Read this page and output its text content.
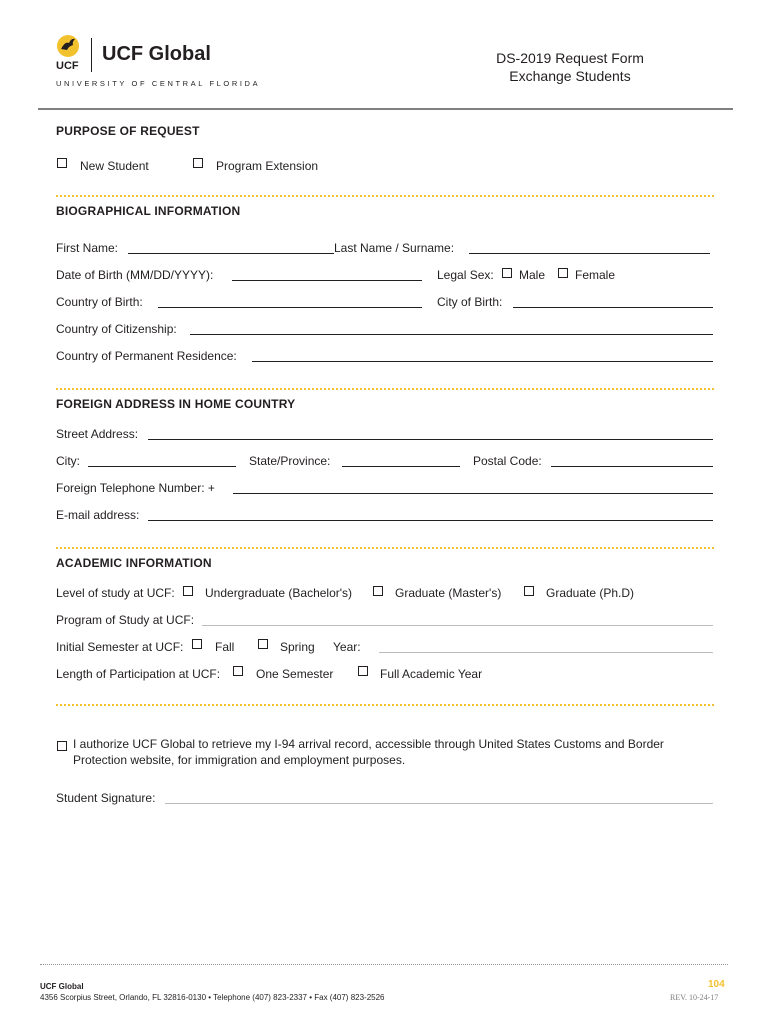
UCF
UCF Global
UNIVERSITY OF CENTRAL FLORIDA
DS-2019 Request Form
Exchange Students
PURPOSE OF REQUEST
New Student	Program Extension
BIOGRAPHICAL INFORMATION
First Name:	Last Name / Surname:
Date of Birth (MM/DD/YYYY):	Legal Sex: Male Female
Country of Birth:	City of Birth:
Country of Citizenship:
Country of Permanent Residence:
FOREIGN ADDRESS IN HOME COUNTRY
Street Address:
City:	State/Province:	Postal Code:
Foreign Telephone Number: +
E-mail address:
ACADEMIC INFORMATION
Level of study at UCF:	Undergraduate (Bachelor's)	Graduate (Master's)	Graduate (Ph.D)
Program of Study at UCF:
Initial Semester at UCF:	Fall	Spring Year:
Length of Participation at UCF:	One Semester	Full Academic Year
I authorize UCF Global to retrieve my I-94 arrival record, accessible through United States Customs and Border
Protection website, for immigration and employment purposes.
Student Signature:
UCF Global
4356 Scorpius Street, Orlando, FL 32816-0130 • Telephone (407) 823-2337 • Fax (407) 823-2526
104
REV. 10-24-17
